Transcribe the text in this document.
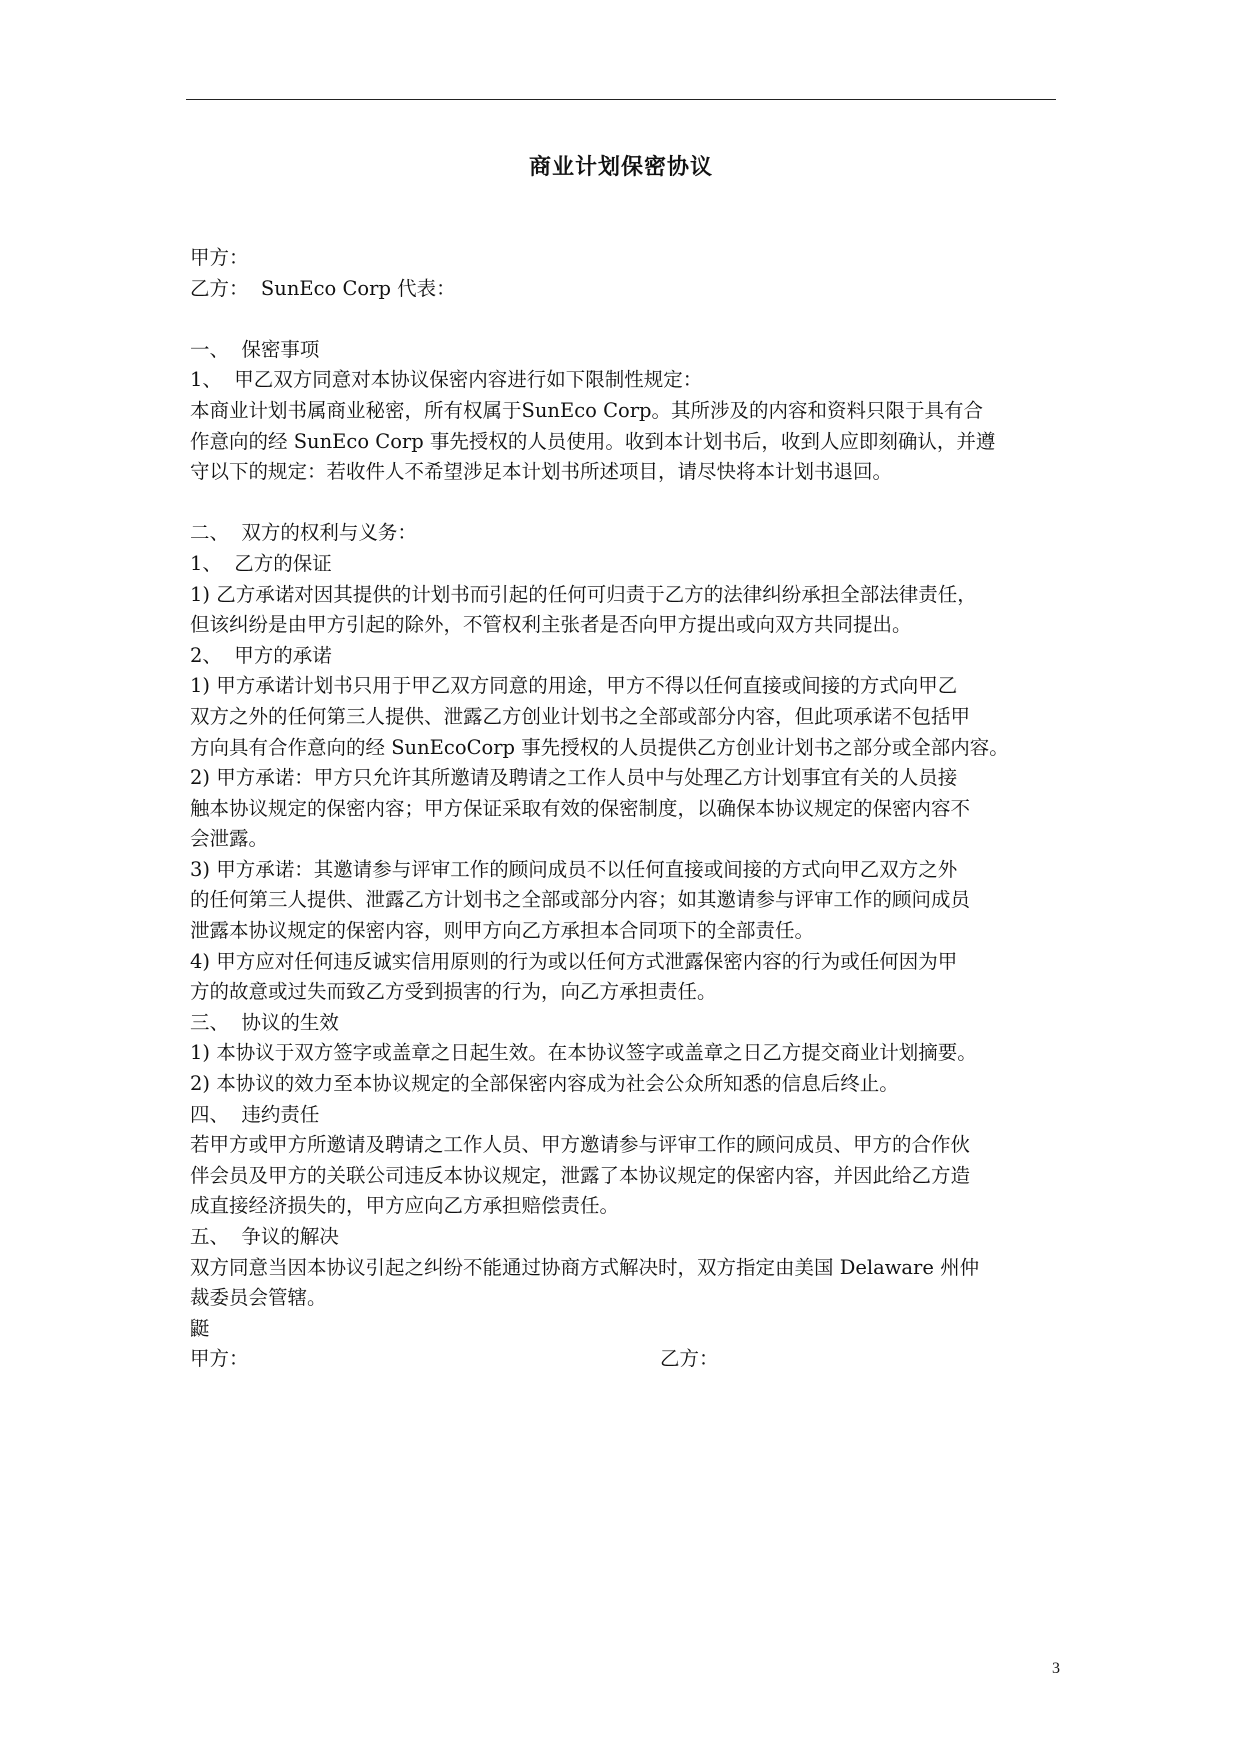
商业计划保密协议
甲方：
乙方：  SunEco Corp 代表：
一、  保密事项
1、  甲乙双方同意对本协议保密内容进行如下限制性规定：
本商业计划书属商业秘密，所有权属于SunEco Corp。其所涉及的内容和资料只限于具有合
作意向的经 SunEco Corp 事先授权的人员使用。收到本计划书后，收到人应即刻确认，并遵
守以下的规定：若收件人不希望涉足本计划书所述项目，请尽快将本计划书退回。
二、  双方的权利与义务：
1、  乙方的保证
1) 乙方承诺对因其提供的计划书而引起的任何可归责于乙方的法律纠纷承担全部法律责任，
但该纠纷是由甲方引起的除外，不管权利主张者是否向甲方提出或向双方共同提出。
2、  甲方的承诺
1) 甲方承诺计划书只用于甲乙双方同意的用途，甲方不得以任何直接或间接的方式向甲乙
双方之外的任何第三人提供、泄露乙方创业计划书之全部或部分内容，但此项承诺不包括甲
方向具有合作意向的经 SunEcoCorp 事先授权的人员提供乙方创业计划书之部分或全部内容。
2) 甲方承诺：甲方只允许其所邀请及聘请之工作人员中与处理乙方计划事宜有关的人员接
触本协议规定的保密内容；甲方保证采取有效的保密制度，以确保本协议规定的保密内容不
会泄露。
3) 甲方承诺：其邀请参与评审工作的顾问成员不以任何直接或间接的方式向甲乙双方之外
的任何第三人提供、泄露乙方计划书之全部或部分内容；如其邀请参与评审工作的顾问成员
泄露本协议规定的保密内容，则甲方向乙方承担本合同项下的全部责任。
4) 甲方应对任何违反诚实信用原则的行为或以任何方式泄露保密内容的行为或任何因为甲
方的故意或过失而致乙方受到损害的行为，向乙方承担责任。
三、  协议的生效
1) 本协议于双方签字或盖章之日起生效。在本协议签字或盖章之日乙方提交商业计划摘要。
2) 本协议的效力至本协议规定的全部保密内容成为社会公众所知悉的信息后终止。
四、  违约责任
若甲方或甲方所邀请及聘请之工作人员、甲方邀请参与评审工作的顾问成员、甲方的合作伙
伴会员及甲方的关联公司违反本协议规定，泄露了本协议规定的保密内容，并因此给乙方造
成直接经济损失的，甲方应向乙方承担赔偿责任。
五、  争议的解决
双方同意当因本协议引起之纠纷不能通过协商方式解决时，双方指定由美国 Delaware 州仲
裁委员会管辖。
鼮
甲方：	乙方：
3
